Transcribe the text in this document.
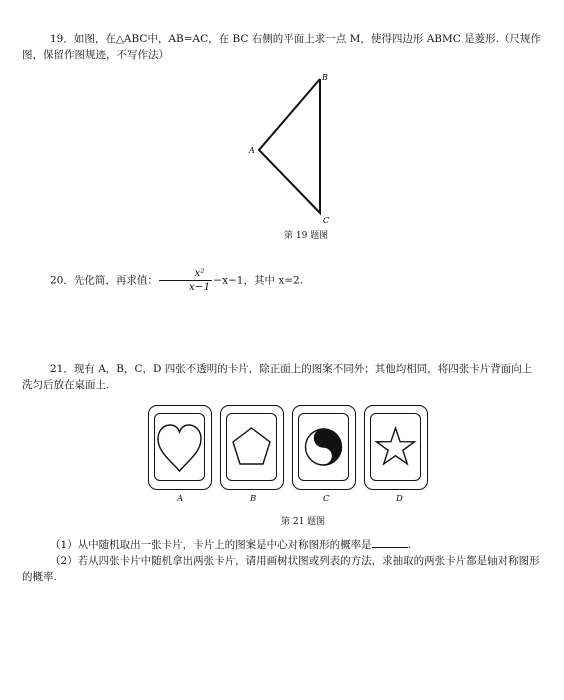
19．如图，在△ABC中，AB=AC，在 BC 右侧的平面上求一点 M，使得四边形 ABMC 是菱形.（尺规作图，保留作图规迹，不写作法）
B
A
C
第 19 题图
20．先化简，再求值： $\frac{\text{x²}}{x-1} -x-1$，其中 x=2.
21．现有 A，B，C，D 四张不透明的卡片，除正面上的图案不同外；其他均相同，将四张卡片背面向上洗匀后放在桌面上.
A	B	C	D
第 21 题图
（1）从中随机取出一张卡片，卡片上的图案是中心对称图形的概率是	.
（2）若从四张卡片中随机拿出两张卡片，请用画树状图或列表的方法，求抽取的两张卡片都是轴对称图形的概率.
